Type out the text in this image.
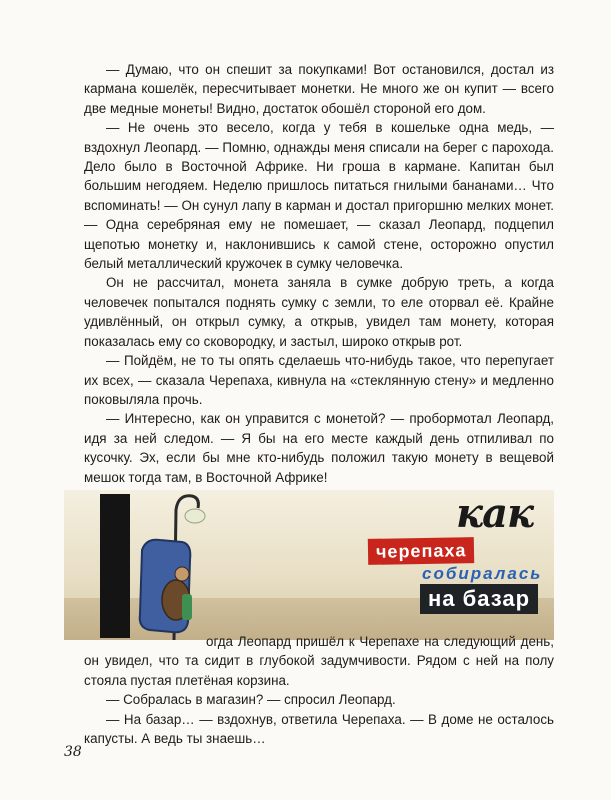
— Думаю, что он спешит за покупками! Вот остановился, достал из кармана кошелёк, пересчитывает монетки. Не много же он купит — всего две медные монеты! Видно, достаток обошёл стороной его дом.

— Не очень это весело, когда у тебя в кошельке одна медь, — вздохнул Леопард. — Помню, однажды меня списали на берег с парохода. Дело было в Восточной Африке. Ни гроша в кармане. Капитан был большим негодяем. Неделю пришлось питаться гнилыми бананами… Что вспоминать! — Он сунул лапу в карман и достал пригоршню мелких монет. — Одна серебряная ему не помешает, — сказал Леопард, подцепил щепотью монетку и, наклонившись к самой стене, осторожно опустил белый металлический кружочек в сумку человечка.

Он не рассчитал, монета заняла в сумке добрую треть, а когда человечек попытался поднять сумку с земли, то еле оторвал её. Крайне удивлённый, он открыл сумку, а открыв, увидел там монету, которая показалась ему со сковородку, и застыл, широко открыв рот.

— Пойдём, не то ты опять сделаешь что-нибудь такое, что перепугает их всех, — сказала Черепаха, кивнула на «стеклянную стену» и медленно поковыляла прочь.

— Интересно, как он управится с монетой? — пробормотал Леопард, идя за ней следом. — Я бы на его месте каждый день отпиливал по кусочку. Эх, если бы мне кто-нибудь положил такую монету в вещевой мешок тогда там, в Восточной Африке!

как
черепаха
собиралась
на базар

огда Леопард пришёл к Черепахе на следующий день, он увидел, что та сидит в глубокой задумчивости. Рядом с ней на полу стояла пустая плетёная корзина.

— Собралась в магазин? — спросил Леопард.

— На базар… — вздохнув, ответила Черепаха. — В доме не осталось капусты. А ведь ты знаешь…

38
